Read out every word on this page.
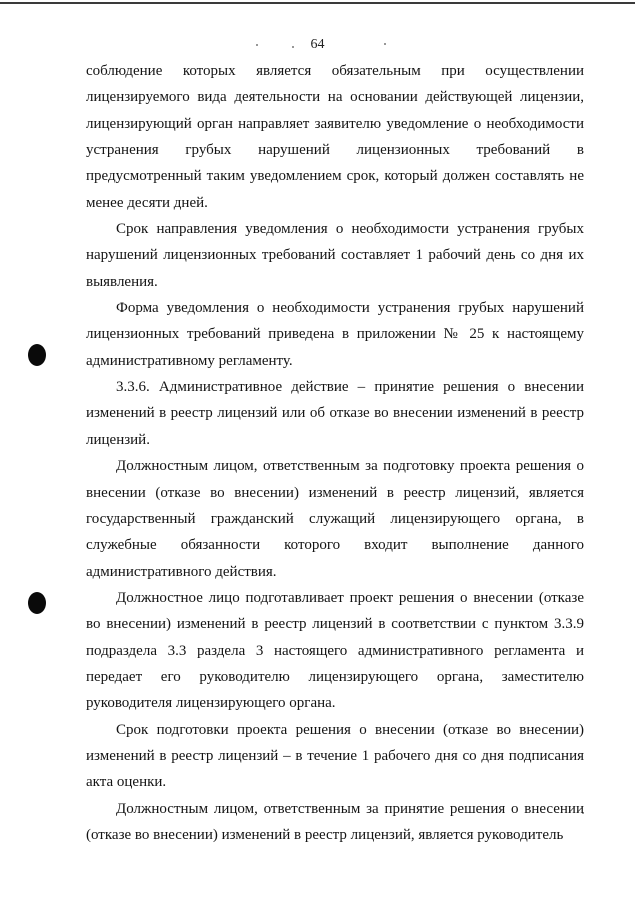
64

соблюдение которых является обязательным при осуществлении лицензируемого вида деятельности на основании действующей лицензии, лицензирующий орган направляет заявителю уведомление о необходимости устранения грубых нарушений лицензионных требований в предусмотренный таким уведомлением срок, который должен составлять не менее десяти дней.

Срок направления уведомления о необходимости устранения грубых нарушений лицензионных требований составляет 1 рабочий день со дня их выявления.

Форма уведомления о необходимости устранения грубых нарушений лицензионных требований приведена в приложении № 25 к настоящему административному регламенту.

3.3.6. Административное действие – принятие решения о внесении изменений в реестр лицензий или об отказе во внесении изменений в реестр лицензий.

Должностным лицом, ответственным за подготовку проекта решения о внесении (отказе во внесении) изменений в реестр лицензий, является государственный гражданский служащий лицензирующего органа, в служебные обязанности которого входит выполнение данного административного действия.

Должностное лицо подготавливает проект решения о внесении (отказе во внесении) изменений в реестр лицензий в соответствии с пунктом 3.3.9 подраздела 3.3 раздела 3 настоящего административного регламента и передает его руководителю лицензирующего органа, заместителю руководителя лицензирующего органа.

Срок подготовки проекта решения о внесении (отказе во внесении) изменений в реестр лицензий – в течение 1 рабочего дня со дня подписания акта оценки.

Должностным лицом, ответственным за принятие решения о внесении (отказе во внесении) изменений в реестр лицензий, является руководитель
